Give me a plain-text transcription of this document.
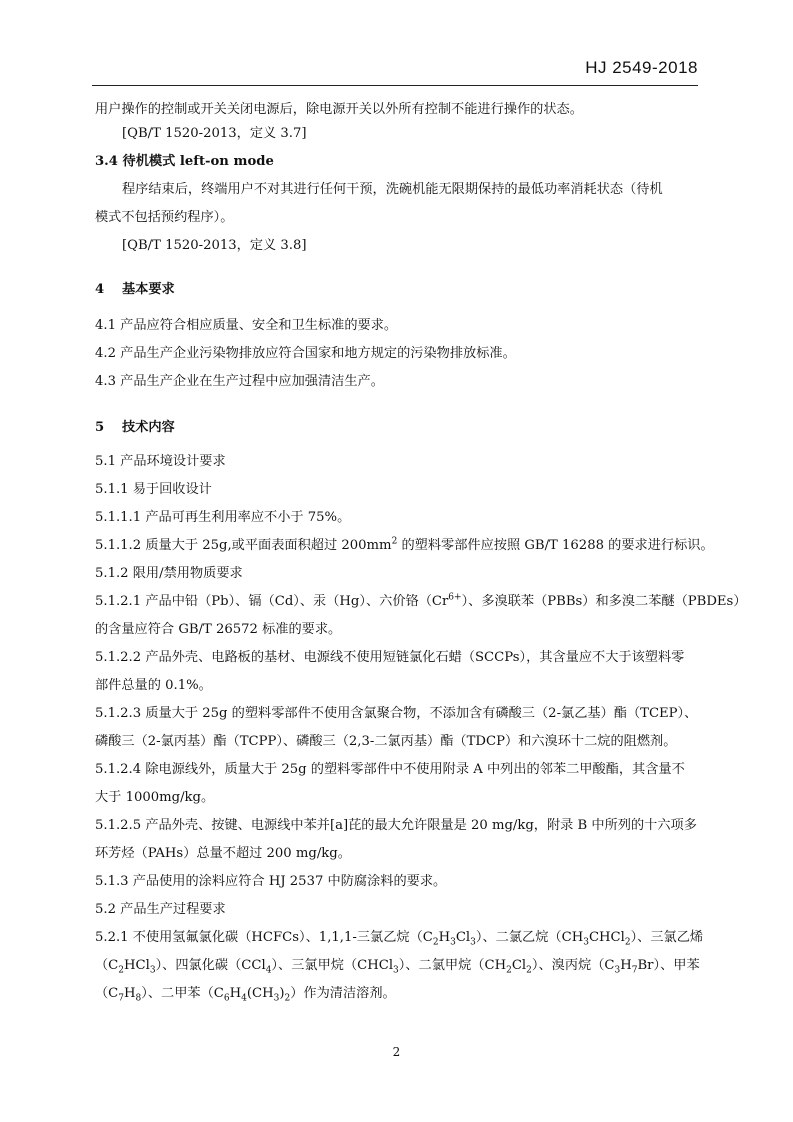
HJ 2549-2018
用户操作的控制或开关关闭电源后，除电源开关以外所有控制不能进行操作的状态。
[QB/T 1520-2013，定义 3.7]
3.4 待机模式 left-on mode
程序结束后，终端用户不对其进行任何干预，洗碗机能无限期保持的最低功率消耗状态（待机
模式不包括预约程序）。
[QB/T 1520-2013，定义 3.8]
4 基本要求
4.1 产品应符合相应质量、安全和卫生标准的要求。
4.2 产品生产企业污染物排放应符合国家和地方规定的污染物排放标准。
4.3 产品生产企业在生产过程中应加强清洁生产。
5 技术内容
5.1 产品环境设计要求
5.1.1 易于回收设计
5.1.1.1 产品可再生利用率应不小于 75%。
5.1.1.2 质量大于 25g,或平面表面积超过 $200mm^2$ 的塑料零部件应按照 GB/T 16288 的要求进行标识。
5.1.2 限用/禁用物质要求
5.1.2.1 产品中铅（Pb）、镉（Cd）、汞（Hg）、六价铬$(Cr^{6+})$、多溴联苯（PBBs）和多溴二苯醚（PBDEs）
的含量应符合 GB/T 26572 标准的要求。
5.1.2.2 产品外壳、电路板的基材、电源线不使用短链氯化石蜡（SCCPs），其含量应不大于该塑料零
部件总量的 0.1%。
5.1.2.3 质量大于 25g 的塑料零部件不使用含氯聚合物，不添加含有磷酸三（2-氯乙基）酯（TCEP）、
磷酸三（2-氯丙基）酯（TCPP）、磷酸三（2,3-二氯丙基）酯（TDCP）和六溴环十二烷的阻燃剂。
5.1.2.4 除电源线外，质量大于 25g 的塑料零部件中不使用附录 A 中列出的邻苯二甲酸酯，其含量不
大于 1000mg/kg。
5.1.2.5 产品外壳、按键、电源线中苯并[a]芘的最大允许限量是 20 mg/kg，附录 B 中所列的十六项多
环芳烃（PAHs）总量不超过 200 mg/kg。
5.1.3 产品使用的涂料应符合 HJ 2537 中防腐涂料的要求。
5.2 产品生产过程要求
5.2.1 不使用氢氟氯化碳（HCFCs）、1,1,1-三氯乙烷$(C_2H_3Cl_3)$、二氯乙烷$(CH_3CHCl_2)$、三氯乙烯
$(C_2HCl_3)$、四氯化碳（CCl$_4$）、三氯甲烷（CHCl$_3$）、二氯甲烷$(CH_2Cl_2)$、溴丙烷$(C_3H_7Br)$、甲苯
$(C_7H_8)$、二甲苯$(C_6H_4(CH_3)_2)$作为清洁溶剂。
2
